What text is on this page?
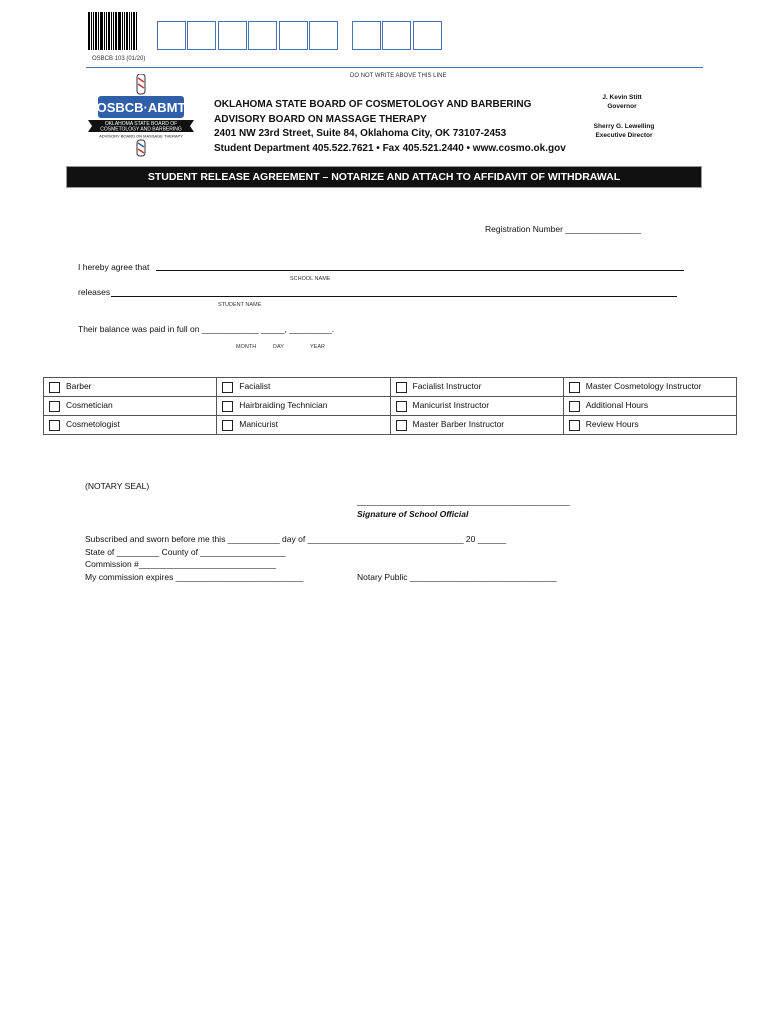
OSBCB 103 (01/20)
DO NOT WRITE ABOVE THIS LINE
OSBCB·ABMT
OKLAHOMA STATE BOARD OF
COSMETOLOGY AND BARBERING
ADVISORY BOARD ON MASSAGE THERAPY
OKLAHOMA STATE BOARD OF COSMETOLOGY AND BARBERING
ADVISORY BOARD ON MASSAGE THERAPY
2401 NW 23rd Street, Suite 84, Oklahoma City, OK 73107-2453
Student Department 405.522.7621 • Fax 405.521.2440 • www.cosmo.ok.gov
J. Kevin Stitt
Governor
Sherry G. Lewelling
Executive Director
STUDENT RELEASE AGREEMENT – NOTARIZE AND ATTACH TO AFFIDAVIT OF WITHDRAWAL
Registration Number ________________
I hereby agree that
SCHOOL NAME
releases
STUDENT NAME
Their balance was paid in full on ____________ _____, _________.
MONTH	DAY	YEAR
Barber	Facialist	Facialist Instructor	Master Cosmetology Instructor
Cosmetician	Hairbraiding Technician	Manicurist Instructor	Additional Hours
Cosmetologist	Manicurist	Master Barber Instructor	Review Hours
(NOTARY SEAL)
_____________________________________________
Signature of School Official
Subscribed and sworn before me this ___________ day of _________________________________ 20 ______
State of _________ County of __________________
Commission #_____________________________
My commission expires ___________________________	Notary Public _______________________________
